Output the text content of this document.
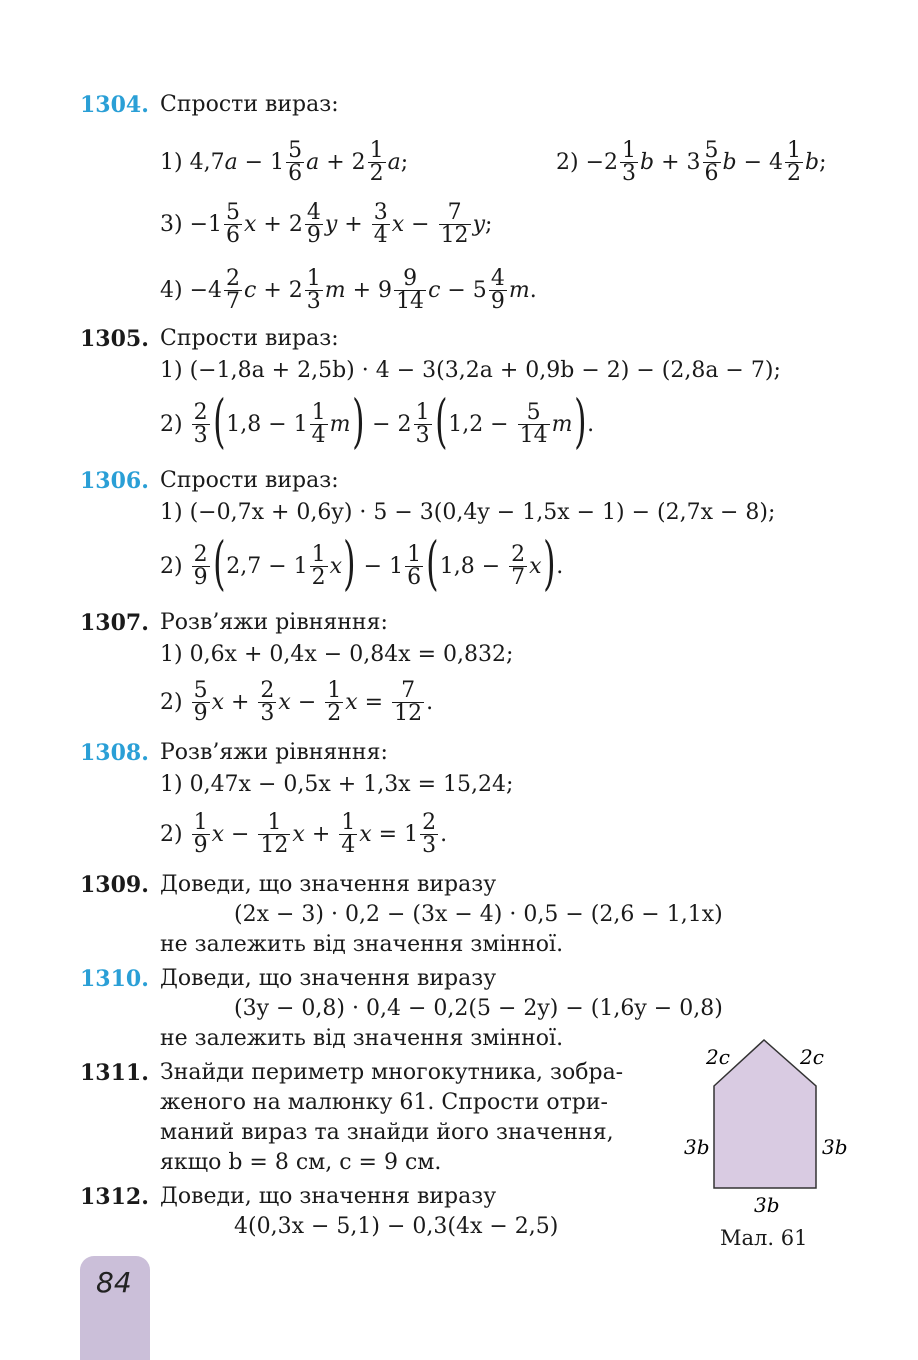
1304. Спрости вираз:
1) 4,7 $a - 1 \frac{5}{6}$ $a + 2 \frac{1}{2}$ a ;	$2) -2 \frac{1}{3}$ $b + 3 \frac{5}{6}$ $b - 4 \frac{1}{2}$ b ;
$3) -1 \frac{5}{6}$ $x + 2 \frac{4}{9}$ $y + \frac{3}{4}$ $x - \frac{7}{12}$ y ;
$4) -4 \frac{2}{7}$ $c + 2 \frac{1}{3}$ $m + 9 \frac{9}{14}$ $c - 5 \frac{4}{9}$ m .
1305. Спрости вираз:
1) (−1,8a + 2,5b) · 4 − 3(3,2a + 0,9b − 2) − (2,8a − 7);
$2) \frac{2}{3}$ ( $1,8 - 1 \frac{1}{4}$ m ) − $2 \frac{1}{3}$ ( $1,2 - \frac{5}{14}$ m ) .
1306. Спрости вираз:
1) (−0,7x + 0,6y) · 5 − 3(0,4y − 1,5x − 1) − (2,7x − 8);
$2) \frac{2}{9}$ ( $2,7 - 1 \frac{1}{2}$ x ) − $1 \frac{1}{6}$ ( $1,8 - \frac{2}{7}$ x ) .
1307. Розв’яжи рівняння:
1) 0,6x + 0,4x − 0,84x = 0,832;
$2) \frac{5}{9}$ $x + \frac{2}{3}$ $x - \frac{1}{2}$ $x = \frac{7}{12}$ .
1308. Розв’яжи рівняння:
1) 0,47x − 0,5x + 1,3x = 15,24;
$2) \frac{1}{9}$ $x - \frac{1}{12}$ $x + \frac{1}{4}$ $x = 1 \frac{2}{3}$ .
1309. Доведи, що значення виразу
(2x − 3) · 0,2 − (3x − 4) · 0,5 − (2,6 − 1,1x)
не залежить від значення змінної.
1310. Доведи, що значення виразу
(3y − 0,8) · 0,4 − 0,2(5 − 2y) − (1,6y − 0,8)
не залежить від значення змінної.
1311. Знайди периметр многокутника, зобра-
женого на малюнку 61. Спрости отри-
маний вираз та знайди його значення,
якщо b = 8 см, c = 9 см.
1312. Доведи, що значення виразу
4(0,3x − 5,1) − 0,3(4x − 2,5)
2c	2c
3b	3b
3b
Мал. 61
84
